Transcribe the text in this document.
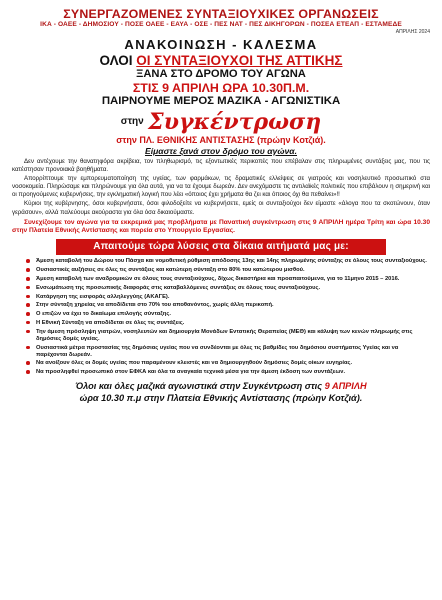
ΣΥΝΕΡΓΑΖΟΜΕΝΕΣ ΣΥΝΤΑΞΙΟΥΧΙΚΕΣ ΟΡΓΑΝΩΣΕΙΣ
ΙΚΑ - ΟΑΕΕ - ΔΗΜΟΣΙΟΥ - ΠΟΣΕ ΟΑΕΕ - ΕΑΥΑ - ΟΣΕ - ΠΕΣ ΝΑΤ - ΠΕΣ ΔΙΚΗΓΟΡΩΝ - ΠΟΣΕΑ ΕΤΕΑΠ - ΕΣΤΑΜΕΔΕ
ΑΠΡΙΛΗΣ 2024
ΑΝΑΚΟΙΝΩΣΗ - ΚΑΛΕΣΜΑ
ΟΛΟΙ ΟΙ ΣΥΝΤΑΞΙΟΥΧΟΙ ΤΗΣ ΑΤΤΙΚΗΣ
ΞΑΝΑ ΣΤΟ ΔΡΟΜΟ ΤΟΥ ΑΓΩΝΑ
ΣΤΙΣ 9 ΑΠΡΙΛΗ ΩΡΑ 10.30Π.Μ.
ΠΑΙΡΝΟΥΜΕ ΜΕΡΟΣ ΜΑΖΙΚΑ - ΑΓΩΝΙΣΤΙΚΑ
στην Συγκέντρωση
στην ΠΛ. ΕΘΝΙΚΗΣ ΑΝΤΙΣΤΑΣΗΣ (πρώην Κοτζιά).
Είμαστε ξανά στον δρόμο του αγώνα.
Δεν αντέχουμε την θανατηφόρα ακρίβεια, τον πληθωρισμό, τις εξοντωτικές περικοπές που επέβαλαν στις πληρωμένες συντάξεις μας, που τις κατέστησαν προνοιακά βοηθήματα.
Απορρίπτουμε την εμπορευματοποίηση της υγείας, των φαρμάκων, τις δραματικές ελλείψεις σε γιατρούς και νοσηλευτικό προσωπικό στα νοσοκομεία. Πληρώσαμε και πληρώνουμε για όλα αυτά, για να τα έχουμε δωρεάν. Δεν ανεχόμαστε τις αντιλαϊκές πολιτικές που επιβάλουν η σημερινή και οι προηγούμενες κυβερνήσεις, την εγκληματική λογική που λέει «όποιος έχει χρήματα θα ζει και όποιος όχι θα πεθαίνει»!!
Κύριοι της κυβέρνησης, όσοι κυβερνήσατε, όσοι φιλοδοξείτε να κυβερνήσετε, εμείς οι συνταξιούχοι δεν είμαστε «άλογα που τα σκοτώνουν, όταν γεράσουν», αλλά παλεύουμε ακούραστα για όλα όσα δικαιούμαστε.
Συνεχίζουμε τον αγώνα για τα εκκρεμικά μας προβλήματα με Πανατtική συγκέντρωση στις 9 ΑΠΡΙΛΗ ημέρα Τρίτη και ώρα 10.30 στην Πλατεία Εθνικής Αντίστασης και πορεία στο Υπουργείο Εργασίας.
Απαιτούμε τώρα λύσεις στα δίκαια αιτήματά μας με:
Άμεση καταβολή του Δώρου του Πάσχα και νομοθετική ρύθμιση απόδοσης 13ης και 14ης πληρωμένης σύνταξης σε όλους τους συνταξιούχους.
Ουσιαστικές αυξήσεις σε όλες τις συντάξεις και κατώτερη σύνταξη στο 80% του κατώτερου μισθού.
Άμεση καταβολή των αναδρομικών σε όλους τους συνταξιούχους, δίχως δικαστήρια και προαπαιτούμενα, για το 11μηνο 2015 – 2016.
Ενσωμάτωση της προσωπικής διαφοράς στις καταβαλλόμενες συντάξεις σε όλους τους συνταξιούχους.
Κατάργηση της εισφοράς αλληλεγγύης (ΑΚΑΓΕ).
Στην σύνταξη χηρείας να αποδίδεται στο 70% του αποθανόντος, χωρίς άλλη περικοπή.
Ο επιζών να έχει το δικαίωμα επιλογής σύνταξης.
Η Εθνική Σύνταξη να αποδίδεται σε όλες τις συντάξεις.
Την άμεση πρόσληψη γιατρών, νοσηλευτών και δημιουργία Μονάδων Εντατικής Θεραπείας (ΜΕΘ) και κάλυψη των κενών πληρωμής στις δημόσιες δομές υγείας.
Ουσιαστικά μέτρα προστασίας της δημόσιας υγείας που να συνδέονται με όλες τις βαθμίδες του δημόσιου συστήματος Υγείας και να παρέχονται δωρεάν.
Να ανοίξουν όλες οι δομές υγείας που παραμένουν κλειστές και να δημιουργηθούν δημόσιες δομές οίκων ευγηρίας.
Να προσληφθεί προσωπικό στον ΕΦΚΑ και όλα τα αναγκαία τεχνικά μέσα για την άμεση έκδοση των συντάξεων.
Όλοι και όλες μαζικά αγωνιστικά στην Συγκέντρωση στις 9 ΑΠΡΙΛΗ
ώρα 10.30 π.μ στην Πλατεία Εθνικής Αντίστασης (πρώην Κοτζιά).
